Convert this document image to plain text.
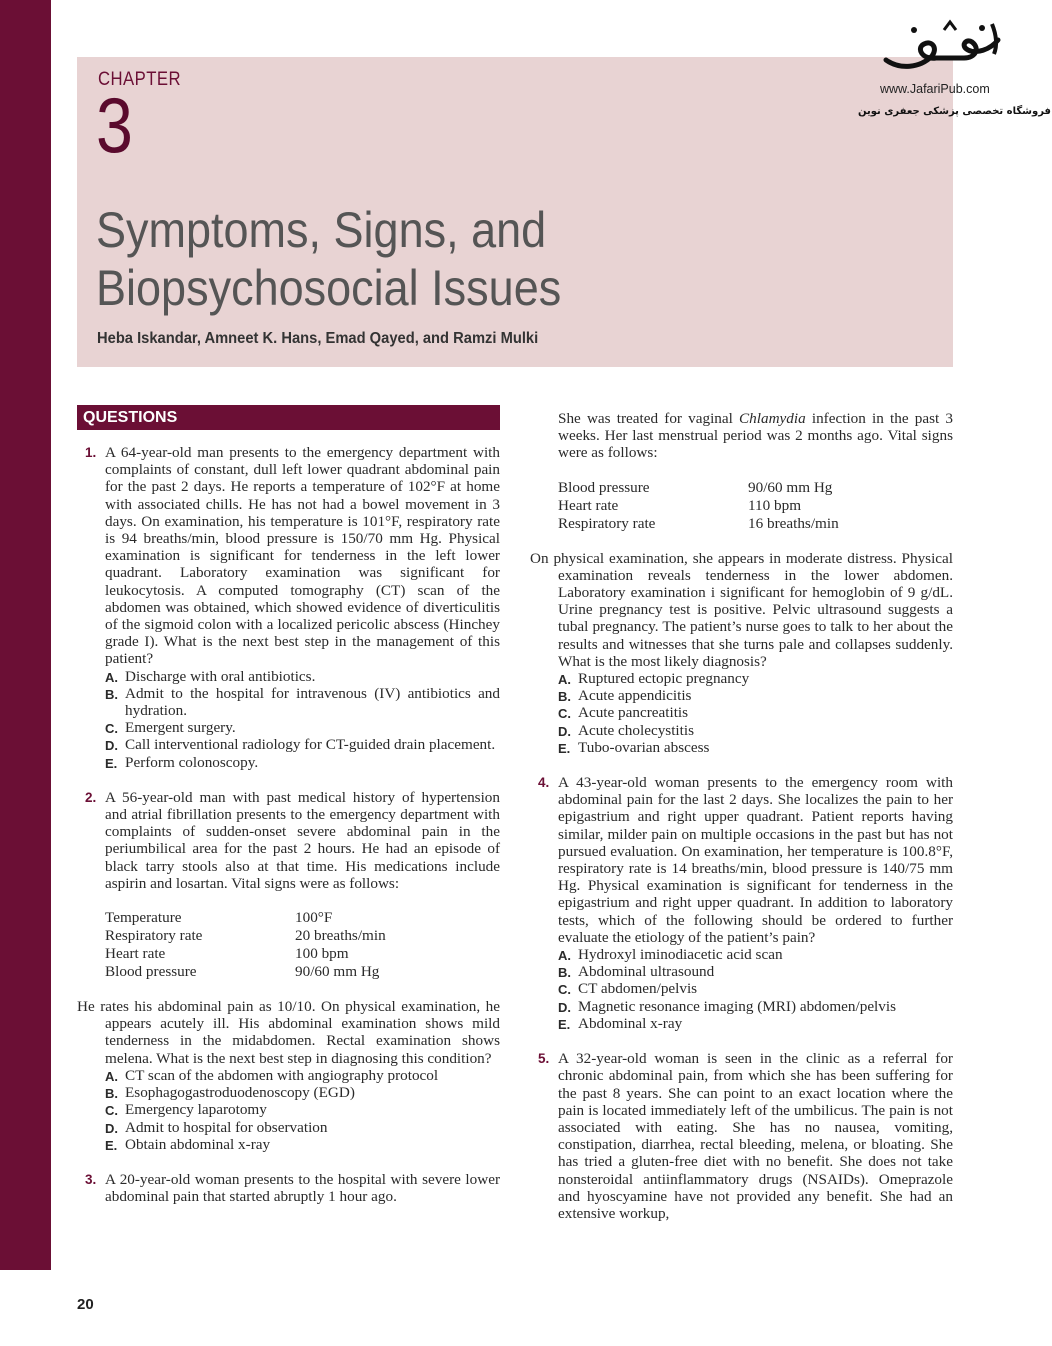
CHAPTER
3
Symptoms, Signs, and
Biopsychosocial Issues
Heba Iskandar, Amneet K. Hans, Emad Qayed, and Ramzi Mulki
www.JafariPub.com
فروشگاه تخصصی پزشکی جعفری نوین
QUESTIONS
1. A 64-year-old man presents to the emergency department with complaints of constant, dull left lower quadrant abdominal pain for the past 2 days. He reports a temperature of 102°F at home with associated chills. He has not had a bowel movement in 3 days. On examination, his temperature is 101°F, respiratory rate is 94 breaths/min, blood pressure is 150/70 mm Hg. Physical examination is significant for tenderness in the left lower quadrant. Laboratory examination was significant for leukocytosis. A computed tomography (CT) scan of the abdomen was obtained, which showed evidence of diverticulitis of the sigmoid colon with a localized pericolic abscess (Hinchey grade I). What is the next best step in the management of this patient?
A. Discharge with oral antibiotics.
B. Admit to the hospital for intravenous (IV) antibiotics and hydration.
C. Emergent surgery.
D. Call interventional radiology for CT-guided drain placement.
E. Perform colonoscopy.
2. A 56-year-old man with past medical history of hypertension and atrial fibrillation presents to the emergency department with complaints of sudden-onset severe abdominal pain in the periumbilical area for the past 2 hours. He had an episode of black tarry stools also at that time. His medications include aspirin and losartan. Vital signs were as follows:
Temperature	100°F
Respiratory rate	20 breaths/min
Heart rate	100 bpm
Blood pressure	90/60 mm Hg
He rates his abdominal pain as 10/10. On physical examination, he appears acutely ill. His abdominal examination shows mild tenderness in the midabdomen. Rectal examination shows melena. What is the next best step in diagnosing this condition?
A. CT scan of the abdomen with angiography protocol
B. Esophagogastroduodenoscopy (EGD)
C. Emergency laparotomy
D. Admit to hospital for observation
E. Obtain abdominal x-ray
3. A 20-year-old woman presents to the hospital with severe lower abdominal pain that started abruptly 1 hour ago.
She was treated for vaginal Chlamydia infection in the past 3 weeks. Her last menstrual period was 2 months ago. Vital signs were as follows:
Blood pressure	90/60 mm Hg
Heart rate	110 bpm
Respiratory rate	16 breaths/min
On physical examination, she appears in moderate distress. Physical examination reveals tenderness in the lower abdomen. Laboratory examination i significant for hemoglobin of 9 g/dL. Urine pregnancy test is positive. Pelvic ultrasound suggests a tubal pregnancy. The patient’s nurse goes to talk to her about the results and witnesses that she turns pale and collapses suddenly. What is the most likely diagnosis?
A. Ruptured ectopic pregnancy
B. Acute appendicitis
C. Acute pancreatitis
D. Acute cholecystitis
E. Tubo-ovarian abscess
4. A 43-year-old woman presents to the emergency room with abdominal pain for the last 2 days. She localizes the pain to her epigastrium and right upper quadrant. Patient reports having similar, milder pain on multiple occasions in the past but has not pursued evaluation. On examination, her temperature is 100.8°F, respiratory rate is 14 breaths/min, blood pressure is 140/75 mm Hg. Physical examination is significant for tenderness in the epigastrium and right upper quadrant. In addition to laboratory tests, which of the following should be ordered to further evaluate the etiology of the patient’s pain?
A. Hydroxyl iminodiacetic acid scan
B. Abdominal ultrasound
C. CT abdomen/pelvis
D. Magnetic resonance imaging (MRI) abdomen/pelvis
E. Abdominal x-ray
5. A 32-year-old woman is seen in the clinic as a referral for chronic abdominal pain, from which she has been suffering for the past 8 years. She can point to an exact location where the pain is located immediately left of the umbilicus. The pain is not associated with eating. She has no nausea, vomiting, constipation, diarrhea, rectal bleeding, melena, or bloating. She has tried a gluten-free diet with no benefit. She does not take nonsteroidal antiinflammatory drugs (NSAIDs). Omeprazole and hyoscyamine have not provided any benefit. She had an extensive workup,
20
